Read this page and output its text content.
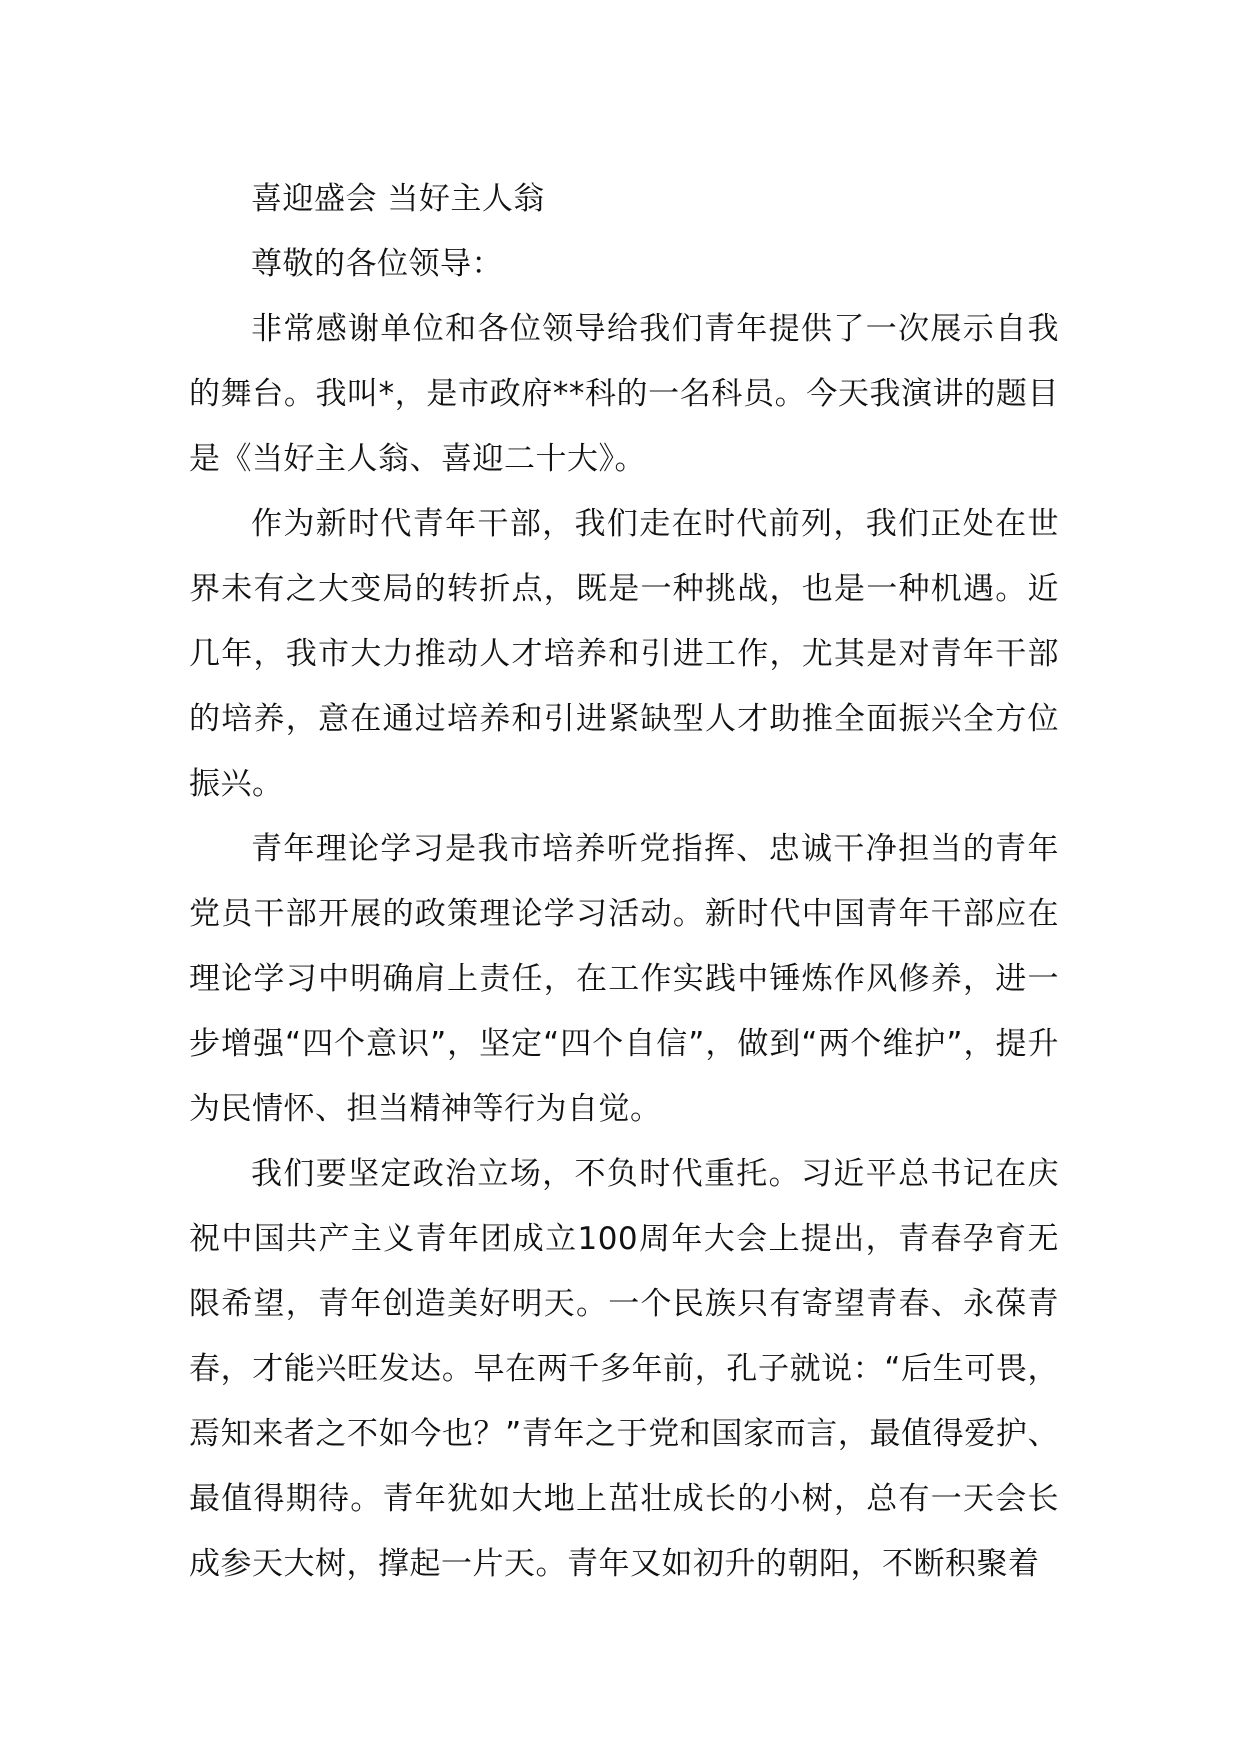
喜迎盛会 当好主人翁

尊敬的各位领导：

非常感谢单位和各位领导给我们青年提供了一次展示自我的舞台。我叫*，是市政府**科的一名科员。今天我演讲的题目是《当好主人翁、喜迎二十大》。

作为新时代青年干部，我们走在时代前列，我们正处在世界未有之大变局的转折点，既是一种挑战，也是一种机遇。近几年，我市大力推动人才培养和引进工作，尤其是对青年干部的培养，意在通过培养和引进紧缺型人才助推全面振兴全方位振兴。

青年理论学习是我市培养听党指挥、忠诚干净担当的青年党员干部开展的政策理论学习活动。新时代中国青年干部应在理论学习中明确肩上责任，在工作实践中锤炼作风修养，进一步增强“四个意识”，坚定“四个自信”，做到“两个维护”，提升为民情怀、担当精神等行为自觉。

我们要坚定政治立场，不负时代重托。习近平总书记在庆祝中国共产主义青年团成立100周年大会上提出，青春孕育无限希望，青年创造美好明天。一个民族只有寄望青春、永葆青春，才能兴旺发达。早在两千多年前，孔子就说：“后生可畏，焉知来者之不如今也？”青年之于党和国家而言，最值得爱护、最值得期待。青年犹如大地上茁壮成长的小树，总有一天会长成参天大树，撑起一片天。青年又如初升的朝阳，不断积聚着
